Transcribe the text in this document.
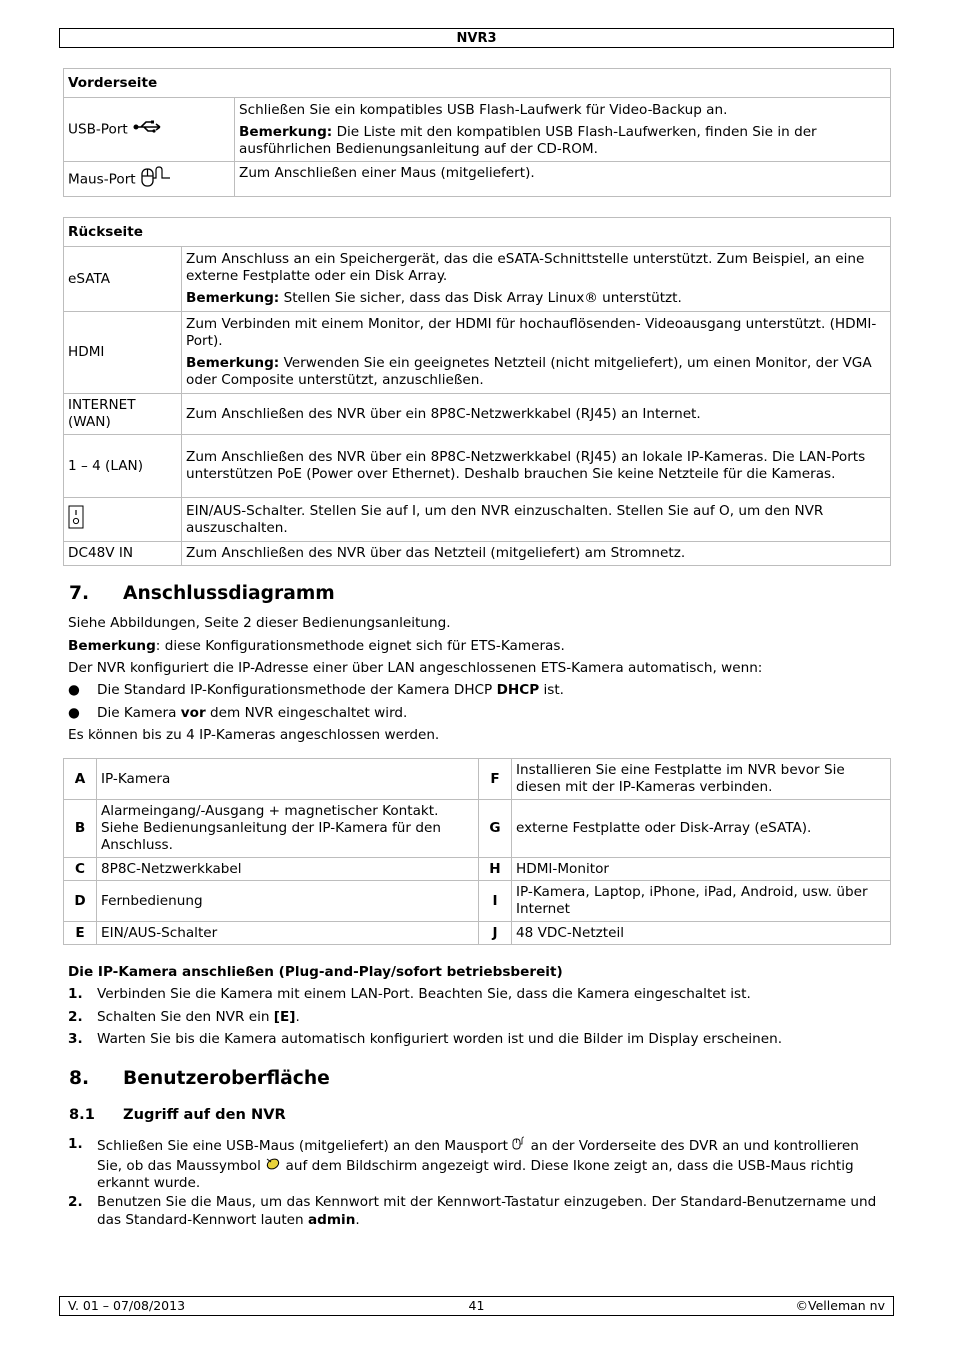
NVR3
Vorderseite	
USB-Port	Schließen Sie ein kompatibles USB Flash-Laufwerk für Video-Backup an.

Bemerkung: Die Liste mit den kompatiblen USB Flash-Laufwerken, finden Sie in der ausführlichen Bedienungsanleitung auf der CD-ROM.

Maus-Port	Zum Anschließen einer Maus (mitgeliefert).
Rückseite	
eSATA	Zum Anschluss an ein Speichergerät, das die eSATA-Schnittstelle unterstützt. Zum Beispiel, an eine externe Festplatte oder ein Disk Array.

Bemerkung: Stellen Sie sicher, dass das Disk Array Linux® unterstützt.

HDMI	Zum Verbinden mit einem Monitor, der HDMI für hochauflösenden- Videoausgang unterstützt. (HDMI-Port).

Bemerkung: Verwenden Sie ein geeignetes Netzteil (nicht mitgeliefert), um einen Monitor, der VGA oder Composite unterstützt, anzuschließen.

INTERNET (WAN)	Zum Anschließen des NVR über ein 8P8C-Netzwerkkabel (RJ45) an Internet.
1 – 4 (LAN)	Zum Anschließen des NVR über ein 8P8C-Netzwerkkabel (RJ45) an lokale IP-Kameras. Die LAN-Ports unterstützen PoE (Power over Ethernet). Deshalb brauchen Sie keine Netzteile für die Kameras.
	EIN/AUS-Schalter. Stellen Sie auf I, um den NVR einzuschalten. Stellen Sie auf O, um den NVR auszuschalten.
DC48V IN	Zum Anschließen des NVR über das Netzteil (mitgeliefert) am Stromnetz.
7. Anschlussdiagramm
Siehe Abbildungen, Seite 2 dieser Bedienungsanleitung.
Bemerkung: diese Konfigurationsmethode eignet sich für ETS-Kameras.
Der NVR konfiguriert die IP-Adresse einer über LAN angeschlossenen ETS-Kamera automatisch, wenn:
●	Die Standard IP-Konfigurationsmethode der Kamera DHCP DHCP ist.
●	Die Kamera vor dem NVR eingeschaltet wird.
Es können bis zu 4 IP-Kameras angeschlossen werden.
A	IP-Kamera	F	Installieren Sie eine Festplatte im NVR bevor Sie diesen mit der IP-Kameras verbinden.
B	Alarmeingang/-Ausgang + magnetischer Kontakt. Siehe Bedienungsanleitung der IP-Kamera für den Anschluss.	G	externe Festplatte oder Disk-Array (eSATA).
C	8P8C-Netzwerkkabel	H	HDMI-Monitor
D	Fernbedienung	I	IP-Kamera, Laptop, iPhone, iPad, Android, usw. über Internet
E	EIN/AUS-Schalter	J	48 VDC-Netzteil
Die IP-Kamera anschließen (Plug-and-Play/sofort betriebsbereit)
1. Verbinden Sie die Kamera mit einem LAN-Port. Beachten Sie, dass die Kamera eingeschaltet ist.
2. Schalten Sie den NVR ein [E].
3. Warten Sie bis die Kamera automatisch konfiguriert worden ist und die Bilder im Display erscheinen.
8. Benutzeroberfläche
8.1 Zugriff auf den NVR
1. Schließen Sie eine USB-Maus (mitgeliefert) an den Mausport  an der Vorderseite des DVR an und kontrollieren Sie, ob das Maussymbol  auf dem Bildschirm angezeigt wird. Diese Ikone zeigt an, dass die USB-Maus richtig erkannt wurde.
2. Benutzen Sie die Maus, um das Kennwort mit der Kennwort-Tastatur einzugeben. Der Standard-Benutzername und das Standard-Kennwort lauten admin.
V. 01 – 07/08/2013	41	©Velleman nv
